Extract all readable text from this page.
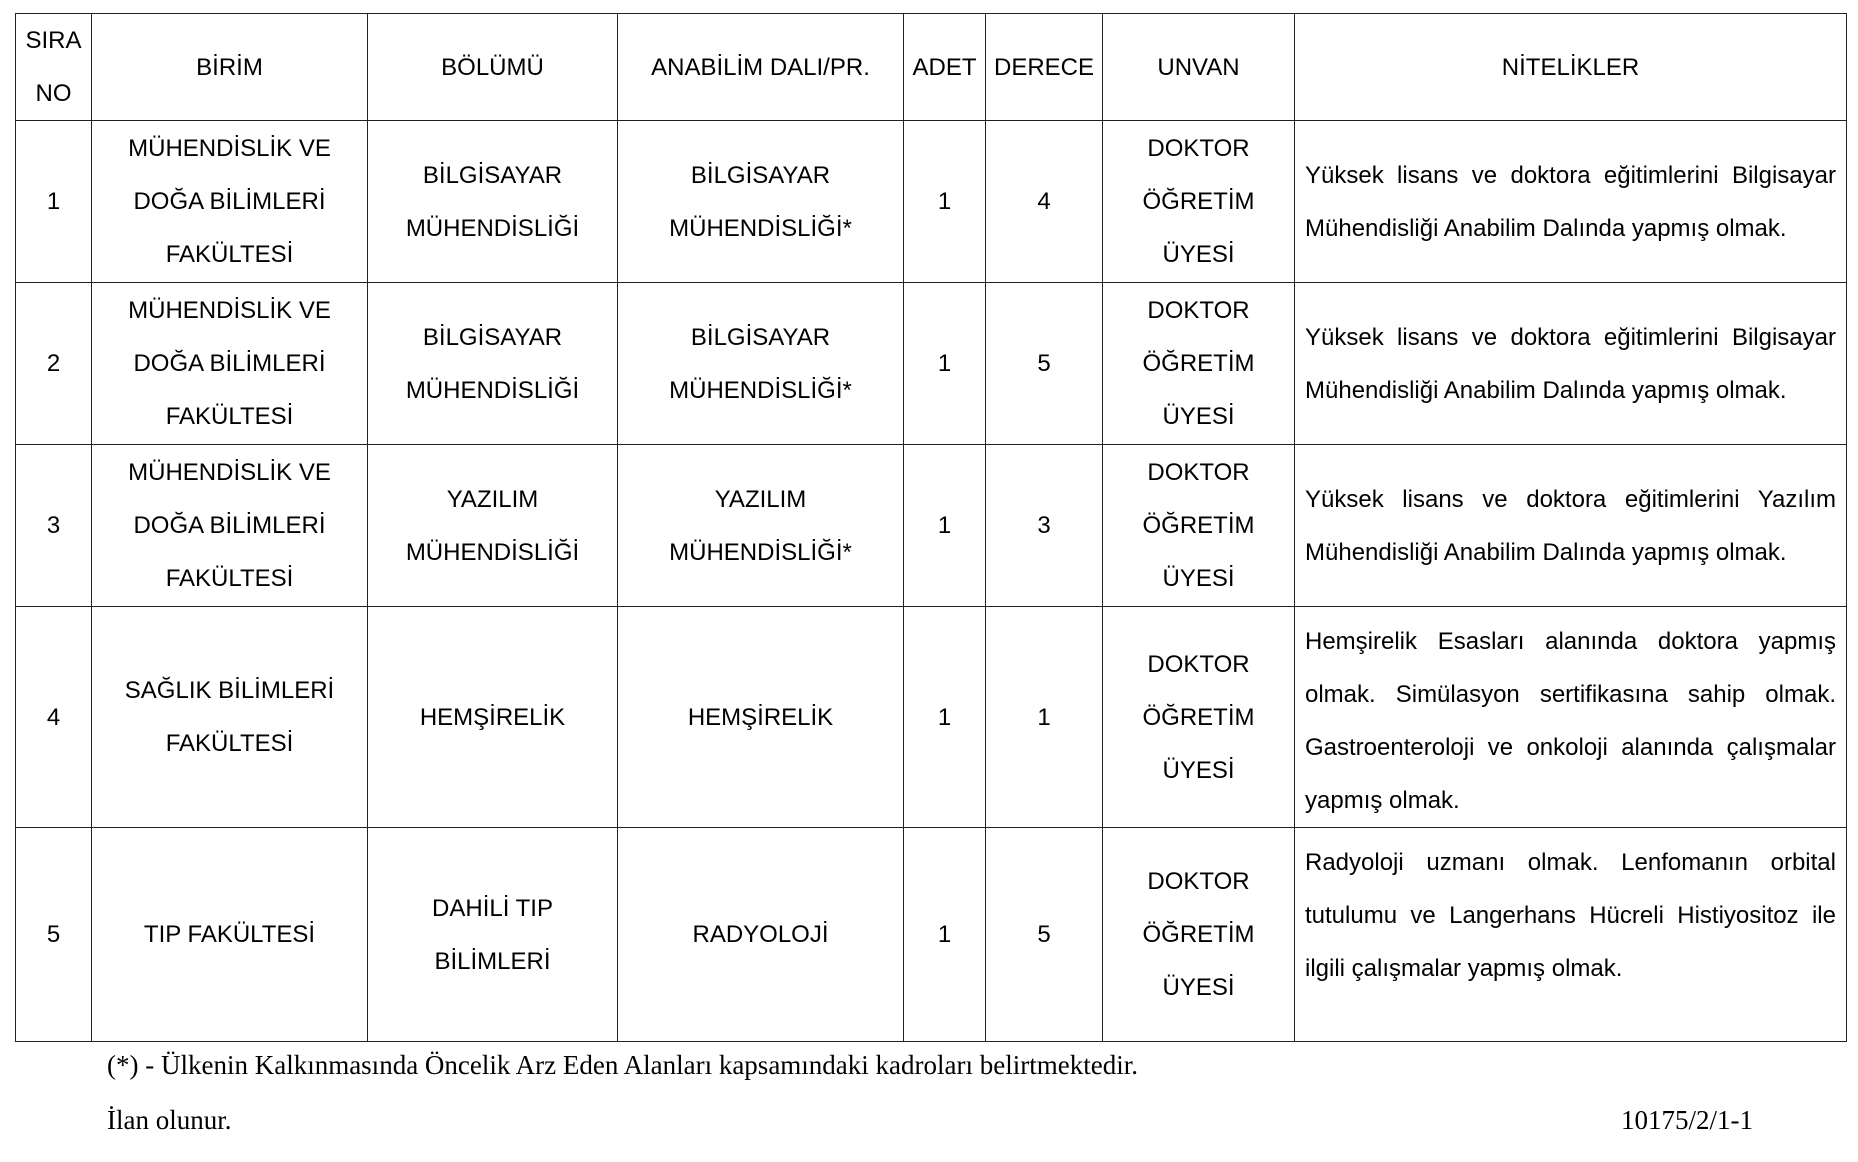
SIRA
NO	BİRİM	BÖLÜMÜ	ANABİLİM DALI/PR.	ADET	DERECE	UNVAN	NİTELİKLER
1	MÜHENDİSLİK VE
DOĞA BİLİMLERİ
FAKÜLTESİ	BİLGİSAYAR
MÜHENDİSLİĞİ	BİLGİSAYAR
MÜHENDİSLİĞİ*	1	4	DOKTOR
ÖĞRETİM
ÜYESİ	Yüksek lisans ve doktora eğitimlerini Bilgisayar Mühendisliği Anabilim Dalında yapmış olmak.
2	MÜHENDİSLİK VE
DOĞA BİLİMLERİ
FAKÜLTESİ	BİLGİSAYAR
MÜHENDİSLİĞİ	BİLGİSAYAR
MÜHENDİSLİĞİ*	1	5	DOKTOR
ÖĞRETİM
ÜYESİ	Yüksek lisans ve doktora eğitimlerini Bilgisayar Mühendisliği Anabilim Dalında yapmış olmak.
3	MÜHENDİSLİK VE
DOĞA BİLİMLERİ
FAKÜLTESİ	YAZILIM
MÜHENDİSLİĞİ	YAZILIM
MÜHENDİSLİĞİ*	1	3	DOKTOR
ÖĞRETİM
ÜYESİ	Yüksek lisans ve doktora eğitimlerini Yazılım Mühendisliği Anabilim Dalında yapmış olmak.
4	SAĞLIK BİLİMLERİ
FAKÜLTESİ	HEMŞİRELİK	HEMŞİRELİK	1	1	DOKTOR
ÖĞRETİM
ÜYESİ	Hemşirelik Esasları alanında doktora yapmış olmak. Simülasyon sertifikasına sahip olmak. Gastroenteroloji ve onkoloji alanında çalışmalar yapmış olmak.
5	TIP FAKÜLTESİ	DAHİLİ TIP
BİLİMLERİ	RADYOLOJİ	1	5	DOKTOR
ÖĞRETİM
ÜYESİ	Radyoloji uzmanı olmak. Lenfomanın orbital tutulumu ve Langerhans Hücreli Histiyositoz ile ilgili çalışmalar yapmış olmak.
(*) - Ülkenin Kalkınmasında Öncelik Arz Eden Alanları kapsamındaki kadroları belirtmektedir.
İlan olunur.	10175/2/1-1
